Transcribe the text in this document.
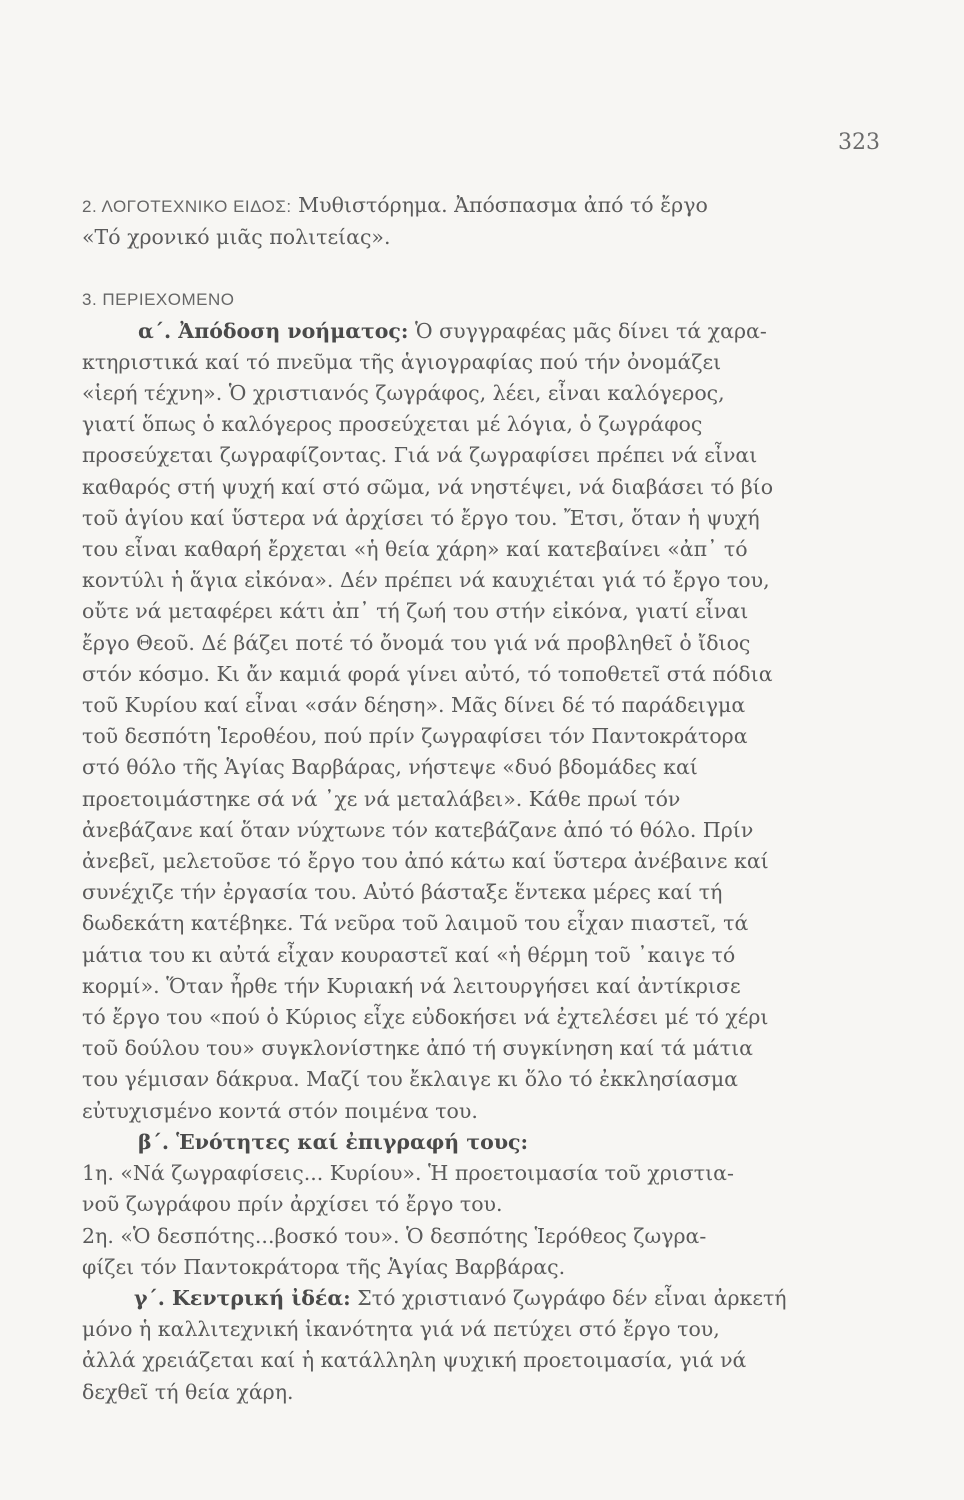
323
2. ΛΟΓΟΤΕΧΝΙΚΟ ΕΙΔΟΣ: Μυθιστόρημα. Ἀπόσπασμα ἀπό τό ἔργο
«Τό χρονικό μιᾶς πολιτείας».
3. ΠΕΡΙΕΧΟΜΕΝΟ
α΄. Ἀπόδοση νοήματος: Ὁ συγγραφέας μᾶς δίνει τά χαρα-
κτηριστικά καί τό πνεῦμα τῆς ἁγιογραφίας πού τήν ὀνομάζει
«ἱερή τέχνη». Ὁ χριστιανός ζωγράφος, λέει, εἶναι καλόγερος,
γιατί ὅπως ὁ καλόγερος προσεύχεται μέ λόγια, ὁ ζωγράφος
προσεύχεται ζωγραφίζοντας. Γιά νά ζωγραφίσει πρέπει νά εἶναι
καθαρός στή ψυχή καί στό σῶμα, νά νηστέψει, νά διαβάσει τό βίο
τοῦ ἁγίου καί ὕστερα νά ἀρχίσει τό ἔργο του. Ἔτσι, ὅταν ἡ ψυχή
του εἶναι καθαρή ἔρχεται «ἡ θεία χάρη» καί κατεβαίνει «ἀπ᾽ τό
κοντύλι ἡ ἅγια εἰκόνα». Δέν πρέπει νά καυχιέται γιά τό ἔργο του,
οὔτε νά μεταφέρει κάτι ἀπ᾽ τή ζωή του στήν εἰκόνα, γιατί εἶναι
ἔργο Θεοῦ. Δέ βάζει ποτέ τό ὄνομά του γιά νά προβληθεῖ ὁ ἴδιος
στόν κόσμο. Κι ἄν καμιά φορά γίνει αὐτό, τό τοποθετεῖ στά πόδια
τοῦ Κυρίου καί εἶναι «σάν δέηση». Μᾶς δίνει δέ τό παράδειγμα
τοῦ δεσπότη Ἱεροθέου, πού πρίν ζωγραφίσει τόν Παντοκράτορα
στό θόλο τῆς Ἁγίας Βαρβάρας, νήστεψε «δυό βδομάδες καί
προετοιμάστηκε σά νά ᾽χε νά μεταλάβει». Κάθε πρωί τόν
ἀνεβάζανε καί ὅταν νύχτωνε τόν κατεβάζανε ἀπό τό θόλο. Πρίν
ἀνεβεῖ, μελετοῦσε τό ἔργο του ἀπό κάτω καί ὕστερα ἀνέβαινε καί
συνέχιζε τήν ἐργασία του. Αὐτό βάσταξε ἕντεκα μέρες καί τή
δωδεκάτη κατέβηκε. Τά νεῦρα τοῦ λαιμοῦ του εἶχαν πιαστεῖ, τά
μάτια του κι αὐτά εἶχαν κουραστεῖ καί «ἡ θέρμη τοῦ ᾽καιγε τό
κορμί». Ὅταν ἦρθε τήν Κυριακή νά λειτουργήσει καί ἀντίκρισε
τό ἔργο του «πού ὁ Κύριος εἶχε εὐδοκήσει νά ἐχτελέσει μέ τό χέρι
τοῦ δούλου του» συγκλονίστηκε ἀπό τή συγκίνηση καί τά μάτια
του γέμισαν δάκρυα. Μαζί του ἔκλαιγε κι ὅλο τό ἐκκλησίασμα
εὐτυχισμένο κοντά στόν ποιμένα του.
β΄. Ἑνότητες καί ἐπιγραφή τους:
1η. «Νά ζωγραφίσεις... Κυρίου». Ἡ προετοιμασία τοῦ χριστια-
νοῦ ζωγράφου πρίν ἀρχίσει τό ἔργο του.
2η. «Ὁ δεσπότης...βοσκό του». Ὁ δεσπότης Ἱερόθεος ζωγρα-
φίζει τόν Παντοκράτορα τῆς Ἁγίας Βαρβάρας.
γ΄. Κεντρική ἰδέα: Στό χριστιανό ζωγράφο δέν εἶναι ἀρκετή
μόνο ἡ καλλιτεχνική ἱκανότητα γιά νά πετύχει στό ἔργο του,
ἀλλά χρειάζεται καί ἡ κατάλληλη ψυχική προετοιμασία, γιά νά
δεχθεῖ τή θεία χάρη.
